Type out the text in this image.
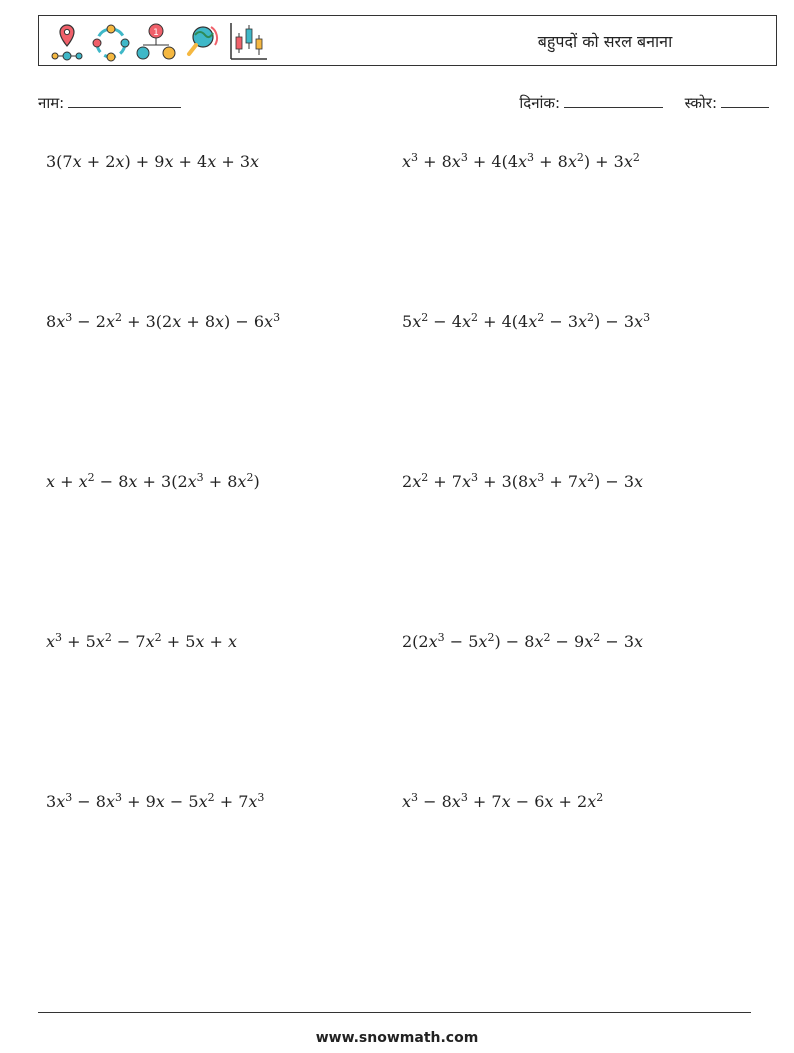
1	बहुपदों को सरल बनाना
नाम:	दिनांक:	स्कोर:
3(7x + 2x) + 9x + 4x + 3x	$x^3 + 8x^3 + 4(4x^3 + 8x^2) + 3x^2$
$8x^3 - 2x^2 + 3(2x + 8x) - 6x^3$	$5x^2 - 4x^2 + 4(4x^2 - 3x^2) - 3x^3$
$x + x^2 - 8x + 3(2x^3 + 8x^2)$	$2x^2 + 7x^3 + 3(8x^3 + 7x^2) - 3x$
$x^3 + 5x^2 - 7x^2 + 5x + x$	$2(2x^3 - 5x^2) - 8x^2 - 9x^2 - 3x$
$3x^3 - 8x^3 + 9x - 5x^2 + 7x^3$	$x^3 - 8x^3 + 7x - 6x + 2x^2$
www.snowmath.com
